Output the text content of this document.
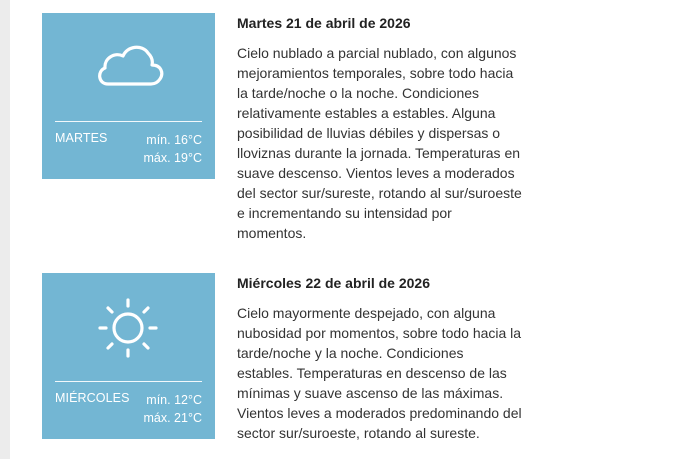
MARTES	mín. 16°C
máx. 19°C

Martes 21 de abril de 2026

Cielo nublado a parcial nublado, con algunos mejoramientos temporales, sobre todo hacia la tarde/noche o la noche. Condiciones relativamente estables a estables. Alguna posibilidad de lluvias débiles y dispersas o lloviznas durante la jornada. Temperaturas en suave descenso. Vientos leves a moderados del sector sur/sureste, rotando al sur/suroeste e incrementando su intensidad por momentos.

MIÉRCOLES mín. 12°C
máx. 21°C

Miércoles 22 de abril de 2026

Cielo mayormente despejado, con alguna nubosidad por momentos, sobre todo hacia la tarde/noche y la noche. Condiciones estables. Temperaturas en descenso de las mínimas y suave ascenso de las máximas. Vientos leves a moderados predominando del sector sur/suroeste, rotando al sureste.
